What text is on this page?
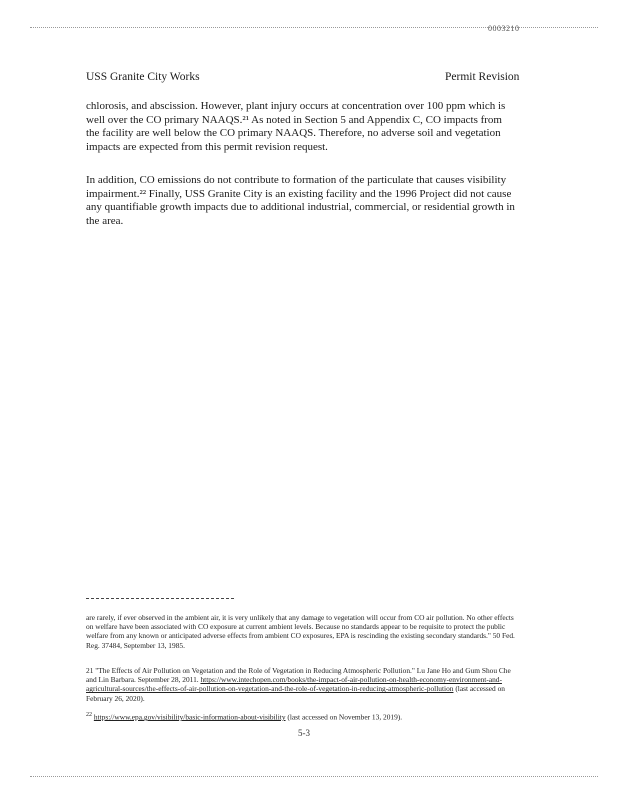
0003210
USS Granite City Works	Permit Revision
chlorosis, and abscission. However, plant injury occurs at concentration over 100 ppm which is well over the CO primary NAAQS.²¹ As noted in Section 5 and Appendix C, CO impacts from the facility are well below the CO primary NAAQS. Therefore, no adverse soil and vegetation impacts are expected from this permit revision request.
In addition, CO emissions do not contribute to formation of the particulate that causes visibility impairment.²² Finally, USS Granite City is an existing facility and the 1996 Project did not cause any quantifiable growth impacts due to additional industrial, commercial, or residential growth in the area.
are rarely, if ever observed in the ambient air, it is very unlikely that any damage to vegetation will occur from CO air pollution. No other effects on welfare have been associated with CO exposure at current ambient levels. Because no standards appear to be requisite to protect the public welfare from any known or anticipated adverse effects from ambient CO exposures, EPA is rescinding the existing secondary standards." 50 Fed. Reg. 37484, September 13, 1985.
21 "The Effects of Air Pollution on Vegetation and the Role of Vegetation in Reducing Atmospheric Pollution." Lu Jane Ho and Gum Shou Che and Lin Barbara. September 28, 2011. https://www.intechopen.com/books/the-impact-of-air-pollution-on-health-economy-environment-and-agricultural-sources/the-effects-of-air-pollution-on-vegetation-and-the-role-of-vegetation-in-reducing-atmospheric-pollution (last accessed on February 26, 2020).
$^{22}$ https://www.epa.gov/visibility/basic-information-about-visibility (last accessed on November 13, 2019).
5-3
